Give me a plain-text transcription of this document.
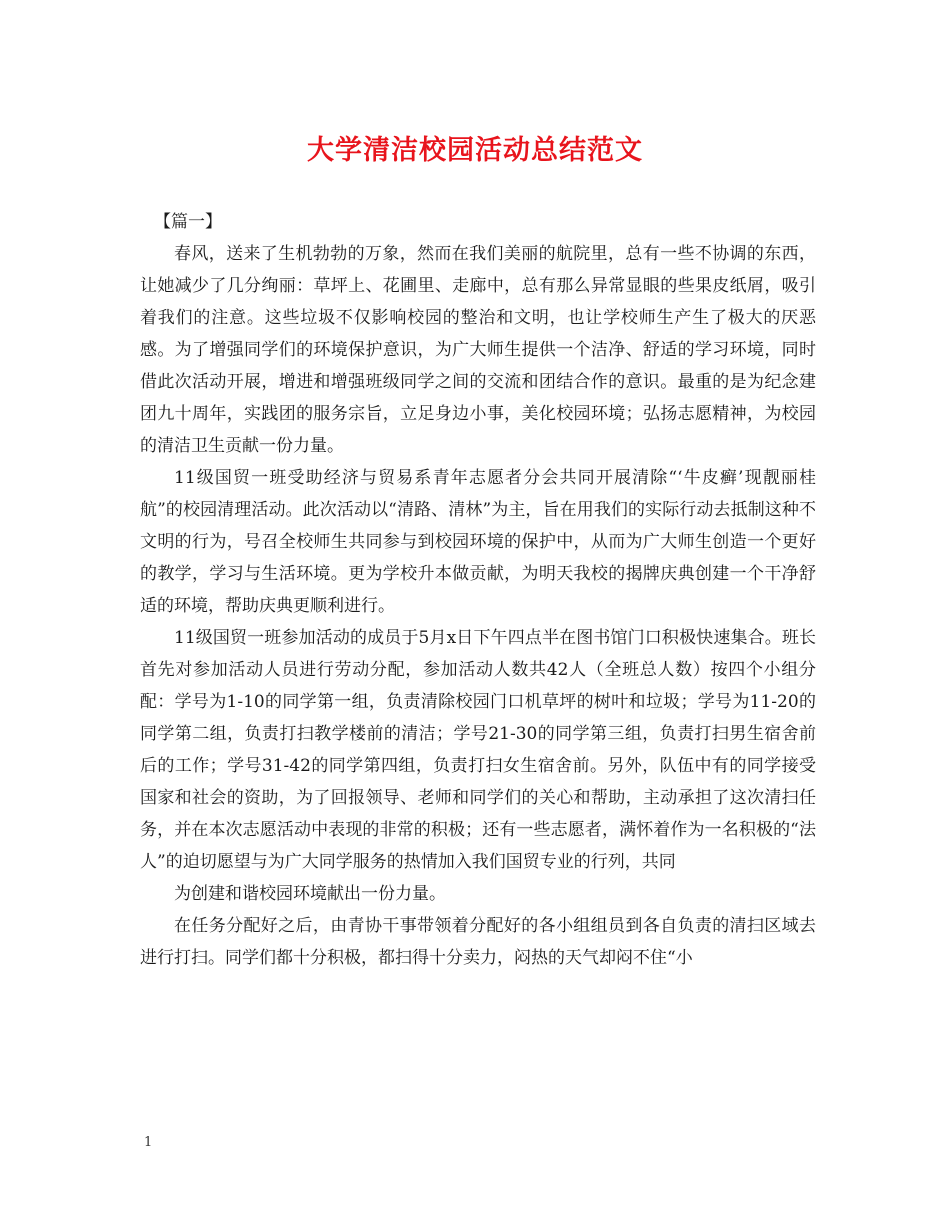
大学清洁校园活动总结范文

【篇一】

春风，送来了生机勃勃的万象，然而在我们美丽的航院里，总有一些不协调的东西，让她减少了几分绚丽：草坪上、花圃里、走廊中，总有那么异常显眼的些果皮纸屑，吸引着我们的注意。这些垃圾不仅影响校园的整治和文明，也让学校师生产生了极大的厌恶感。为了增强同学们的环境保护意识，为广大师生提供一个洁净、舒适的学习环境，同时借此次活动开展，增进和增强班级同学之间的交流和团结合作的意识。最重的是为纪念建团九十周年，实践团的服务宗旨，立足身边小事，美化校园环境；弘扬志愿精神，为校园的清洁卫生贡献一份力量。

11级国贸一班受助经济与贸易系青年志愿者分会共同开展清除“‘牛皮癣’现靓丽桂航”的校园清理活动。此次活动以“清路、清林”为主，旨在用我们的实际行动去抵制这种不文明的行为，号召全校师生共同参与到校园环境的保护中，从而为广大师生创造一个更好的教学，学习与生活环境。更为学校升本做贡献，为明天我校的揭牌庆典创建一个干净舒适的环境，帮助庆典更顺利进行。

11级国贸一班参加活动的成员于5月x日下午四点半在图书馆门口积极快速集合。班长首先对参加活动人员进行劳动分配，参加活动人数共42人（全班总人数）按四个小组分配：学号为1-10的同学第一组，负责清除校园门口机草坪的树叶和垃圾；学号为11-20的同学第二组，负责打扫教学楼前的清洁；学号21-30的同学第三组，负责打扫男生宿舍前后的工作；学号31-42的同学第四组，负责打扫女生宿舍前。另外，队伍中有的同学接受国家和社会的资助，为了回报领导、老师和同学们的关心和帮助，主动承担了这次清扫任务，并在本次志愿活动中表现的非常的积极；还有一些志愿者，满怀着作为一名积极的“法人”的迫切愿望与为广大同学服务的热情加入我们国贸专业的行列，共同

为创建和谐校园环境献出一份力量。

在任务分配好之后，由青协干事带领着分配好的各小组组员到各自负责的清扫区域去进行打扫。同学们都十分积极，都扫得十分卖力，闷热的天气却闷不住“小

1
